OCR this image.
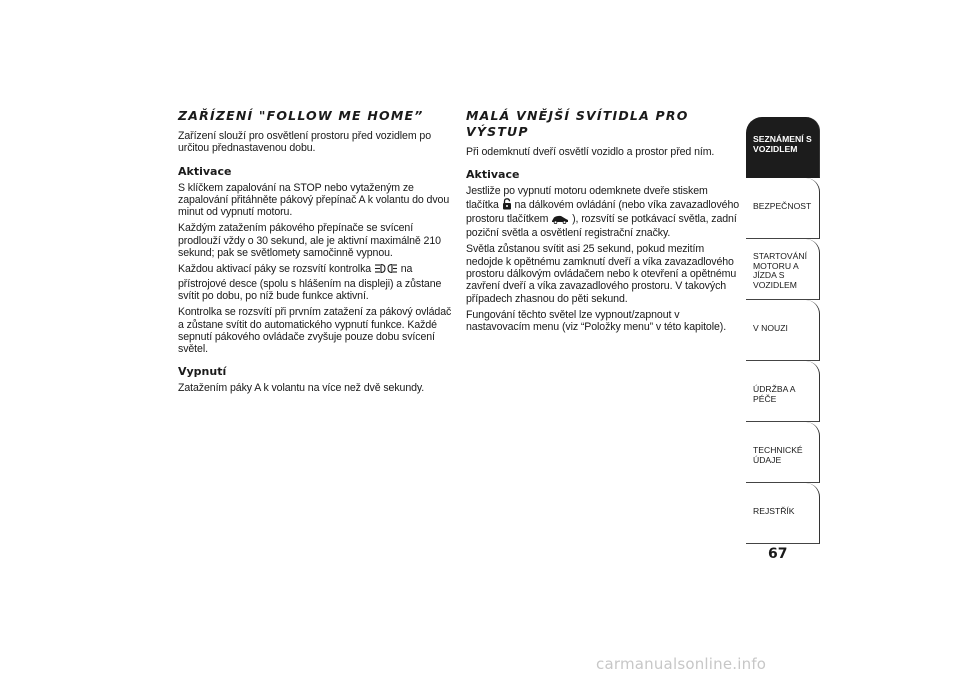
ZAŘÍZENÍ "FOLLOW ME HOME”

Zařízení slouží pro osvětlení prostoru před vozidlem po určitou přednastavenou dobu.

Aktivace

S klíčkem zapalování na STOP nebo vytaženým ze zapalování přitáhněte pákový přepínač A k volantu do dvou minut od vypnutí motoru.

Každým zatažením pákového přepínače se svícení prodlouží vždy o 30 sekund, ale je aktivní maximálně 210 sekund; pak se světlomety samočinně vypnou.

Každou aktivací páky se rozsvítí kontrolka	na přístrojové desce (spolu s hlášením na displeji) a zůstane svítit po dobu, po níž bude funkce aktivní.

Kontrolka se rozsvítí při prvním zatažení za pákový ovládač a zůstane svítit do automatického vypnutí funkce. Každé sepnutí pákového ovládače zvyšuje pouze dobu svícení světel.

Vypnutí

Zatažením páky A k volantu na více než dvě sekundy.

MALÁ VNĚJŠÍ SVÍTIDLA PRO VÝSTUP

Při odemknutí dveří osvětlí vozidlo a prostor před ním.

Aktivace

Jestliže po vypnutí motoru odemknete dveře stiskem tlačítka na dálkovém ovládání (nebo víka zavazadlového prostoru tlačítkem ), rozsvítí se potkávací světla, zadní poziční světla a osvětlení registrační značky.

Světla zůstanou svítit asi 25 sekund, pokud mezitím nedojde k opětnému zamknutí dveří a víka zavazadlového prostoru dálkovým ovládačem nebo k otevření a opětnému zavření dveří a víka zavazadlového prostoru. V takových případech zhasnou do pěti sekund.

Fungování těchto světel lze vypnout/zapnout v nastavovacím menu (viz “Položky menu” v této kapitole).

SEZNÁMENÍ S VOZIDLEM
BEZPEČNOST
STARTOVÁNÍ MOTORU A JÍZDA S VOZIDLEM
V NOUZI
ÚDRŽBA A PÉČE
TECHNICKÉ ÚDAJE
REJSTŘÍK
67
carmanualsonline.info
